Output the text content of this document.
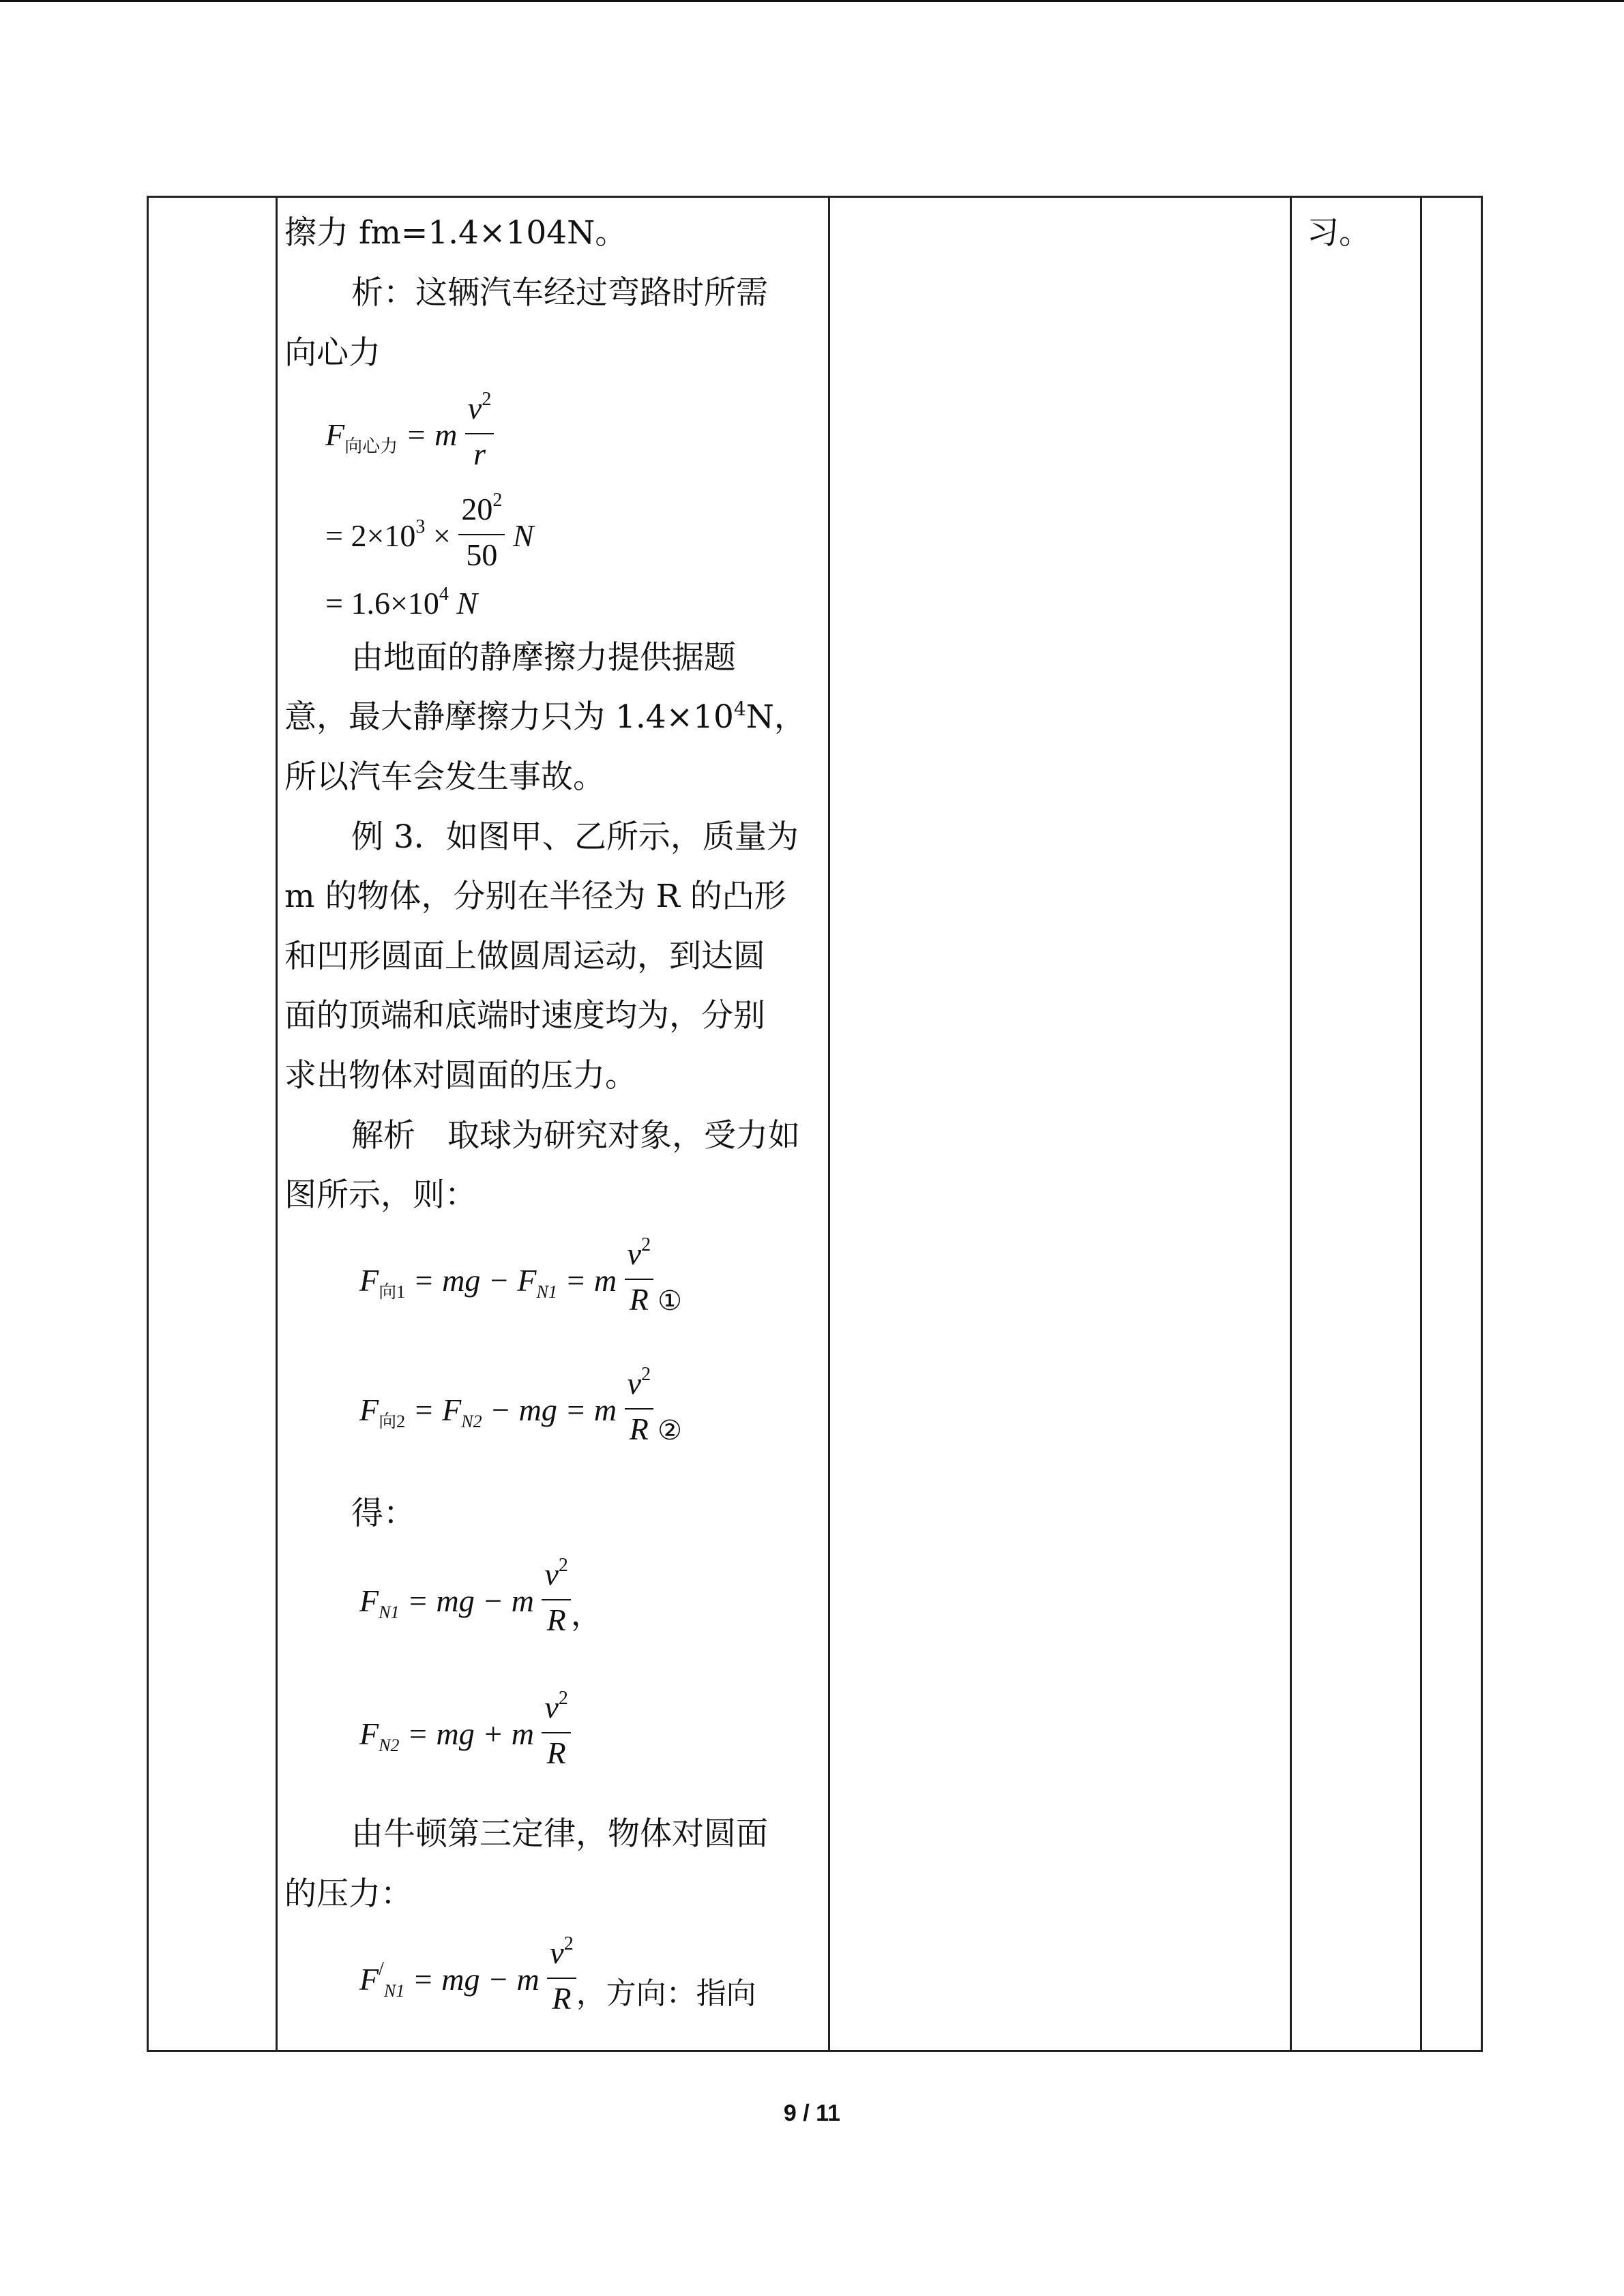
擦力 fm=1.4×104N。
析：这辆汽车经过弯路时所需
向心力
$F_{向心力} = m \frac{v^2}{r}$
= $2\times 10^3 \times \frac{20^2}{50}$ N
= $1.6\times 10^4$ N
由地面的静摩擦力提供据题
意，最大静摩擦力只为 $1.4\times 10^4N$，
所以汽车会发生事故。
例 3．如图甲、乙所示，质量为
m 的物体，分别在半径为 R 的凸形
和凹形圆面上做圆周运动，到达圆
面的顶端和底端时速度均为，分别
求出物体对圆面的压力。
解析　取球为研究对象，受力如
图所示，则：
$F_{向1}$ = mg − $F_{N1} = m \frac{v^2}{R}$ ①
$F_{向2} = F_{N2}$ − mg = m $\frac{v^2}{R}$ ②
得：
$F_{N1}$ = mg − m $\frac{v^2}{R}$ ，
$F_{N2}$ = mg + m $\frac{v^2}{R}$
由牛顿第三定律，物体对圆面
的压力：
$F^/_{N1}$ = mg − m $\frac{v^2}{R}$ ，方向：指向

习。

9 / 11
